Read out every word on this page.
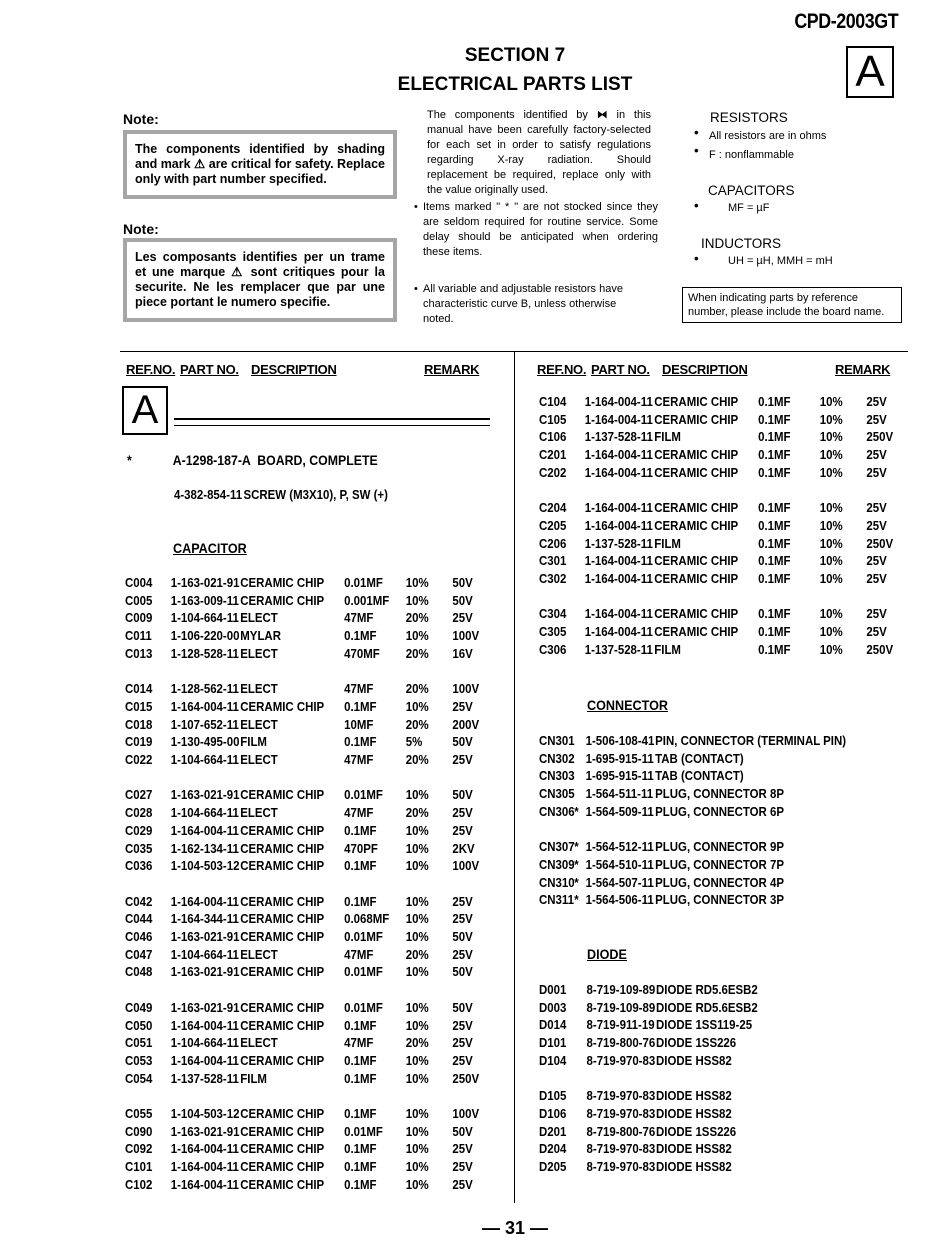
CPD-2003GT
A
SECTION 7
ELECTRICAL PARTS LIST
Note:
The components identified by shading and mark ⚠ are critical for safety. Replace only with part number specified.
Note:
Les composants identifies per un trame et une marque ⚠ sont critiques pour la securite. Ne les remplacer que par une piece portant le numero specifie.
The components identified by ⧓ in this manual have been carefully factory-selected for each set in order to satisfy regulations regarding X-ray radiation. Should replacement be required, replace only with the value originally used.
• Items marked " * " are not stocked since they are seldom required for routine service. Some delay should be anticipated when ordering these items.
• All variable and adjustable resistors have characteristic curve B, unless otherwise noted.
RESISTORS
• All resistors are in ohms
• F : nonflammable
CAPACITORS
•	MF = µF
INDUCTORS
•	UH = µH, MMH = mH
When indicating parts by reference number, please include the board name.
REF.NO. PART NO. DESCRIPTION	REMARK	REF.NO. PART NO. DESCRIPTION	REMARK
A
*	A-1298-187-A BOARD, COMPLETE
4-382-854-11 SCREW (M3X10), P, SW (+)
CAPACITOR
CONNECTOR
DIODE
— 31 —
C004 1-163-021-91 CERAMIC CHIP 0.01MF 10% 50V
C005 1-163-009-11 CERAMIC CHIP 0.001MF 10% 50V
C009 1-104-664-11 ELECT	47MF 20% 25V
C011 1-106-220-00 MYLAR	0.1MF 10% 100V
C013 1-128-528-11 ELECT	470MF 20% 16V
C014 1-128-562-11 ELECT	47MF 20% 100V
C015 1-164-004-11 CERAMIC CHIP 0.1MF 10% 25V
C018 1-107-652-11 ELECT	10MF 20% 200V
C019 1-130-495-00 FILM	0.1MF 5% 50V
C022 1-104-664-11 ELECT	47MF 20% 25V
C027 1-163-021-91 CERAMIC CHIP 0.01MF 10% 50V
C028 1-104-664-11 ELECT	47MF 20% 25V
C029 1-164-004-11 CERAMIC CHIP 0.1MF 10% 25V
C035 1-162-134-11 CERAMIC CHIP 470PF 10% 2KV
C036 1-104-503-12 CERAMIC CHIP 0.1MF 10% 100V
C042 1-164-004-11 CERAMIC CHIP 0.1MF 10% 25V
C044 1-164-344-11 CERAMIC CHIP 0.068MF 10% 25V
C046 1-163-021-91 CERAMIC CHIP 0.01MF 10% 50V
C047 1-104-664-11 ELECT	47MF 20% 25V
C048 1-163-021-91 CERAMIC CHIP 0.01MF 10% 50V
C049 1-163-021-91 CERAMIC CHIP 0.01MF 10% 50V
C050 1-164-004-11 CERAMIC CHIP 0.1MF 10% 25V
C051 1-104-664-11 ELECT	47MF 20% 25V
C053 1-164-004-11 CERAMIC CHIP 0.1MF 10% 25V
C054 1-137-528-11 FILM	0.1MF 10% 250V
C055 1-104-503-12 CERAMIC CHIP 0.1MF 10% 100V
C090 1-163-021-91 CERAMIC CHIP 0.01MF 10% 50V
C092 1-164-004-11 CERAMIC CHIP 0.1MF 10% 25V
C101 1-164-004-11 CERAMIC CHIP 0.1MF 10% 25V
C102 1-164-004-11 CERAMIC CHIP 0.1MF 10% 25V
C104 1-164-004-11 CERAMIC CHIP 0.1MF 10% 25V
C105 1-164-004-11 CERAMIC CHIP 0.1MF 10% 25V
C106 1-137-528-11 FILM	0.1MF 10% 250V
C201 1-164-004-11 CERAMIC CHIP 0.1MF 10% 25V
C202 1-164-004-11 CERAMIC CHIP 0.1MF 10% 25V
C204 1-164-004-11 CERAMIC CHIP 0.1MF 10% 25V
C205 1-164-004-11 CERAMIC CHIP 0.1MF 10% 25V
C206 1-137-528-11 FILM	0.1MF 10% 250V
C301 1-164-004-11 CERAMIC CHIP 0.1MF 10% 25V
C302 1-164-004-11 CERAMIC CHIP 0.1MF 10% 25V
C304 1-164-004-11 CERAMIC CHIP 0.1MF 10% 25V
C305 1-164-004-11 CERAMIC CHIP 0.1MF 10% 25V
C306 1-137-528-11 FILM	0.1MF 10% 250V
CN301 1-506-108-41 PIN, CONNECTOR (TERMINAL PIN)
CN302 1-695-915-11 TAB (CONTACT)
CN303 1-695-915-11 TAB (CONTACT)
CN305 1-564-511-11 PLUG, CONNECTOR 8P
CN306 * 1-564-509-11 PLUG, CONNECTOR 6P
CN307 * 1-564-512-11 PLUG, CONNECTOR 9P
CN309 * 1-564-510-11 PLUG, CONNECTOR 7P
CN310 * 1-564-507-11 PLUG, CONNECTOR 4P
CN311 * 1-564-506-11 PLUG, CONNECTOR 3P
D001 8-719-109-89 DIODE RD5.6ESB2
D003 8-719-109-89 DIODE RD5.6ESB2
D014 8-719-911-19 DIODE 1SS119-25
D101 8-719-800-76 DIODE 1SS226
D104 8-719-970-83 DIODE HSS82
D105 8-719-970-83 DIODE HSS82
D106 8-719-970-83 DIODE HSS82
D201 8-719-800-76 DIODE 1SS226
D204 8-719-970-83 DIODE HSS82
D205 8-719-970-83 DIODE HSS82
